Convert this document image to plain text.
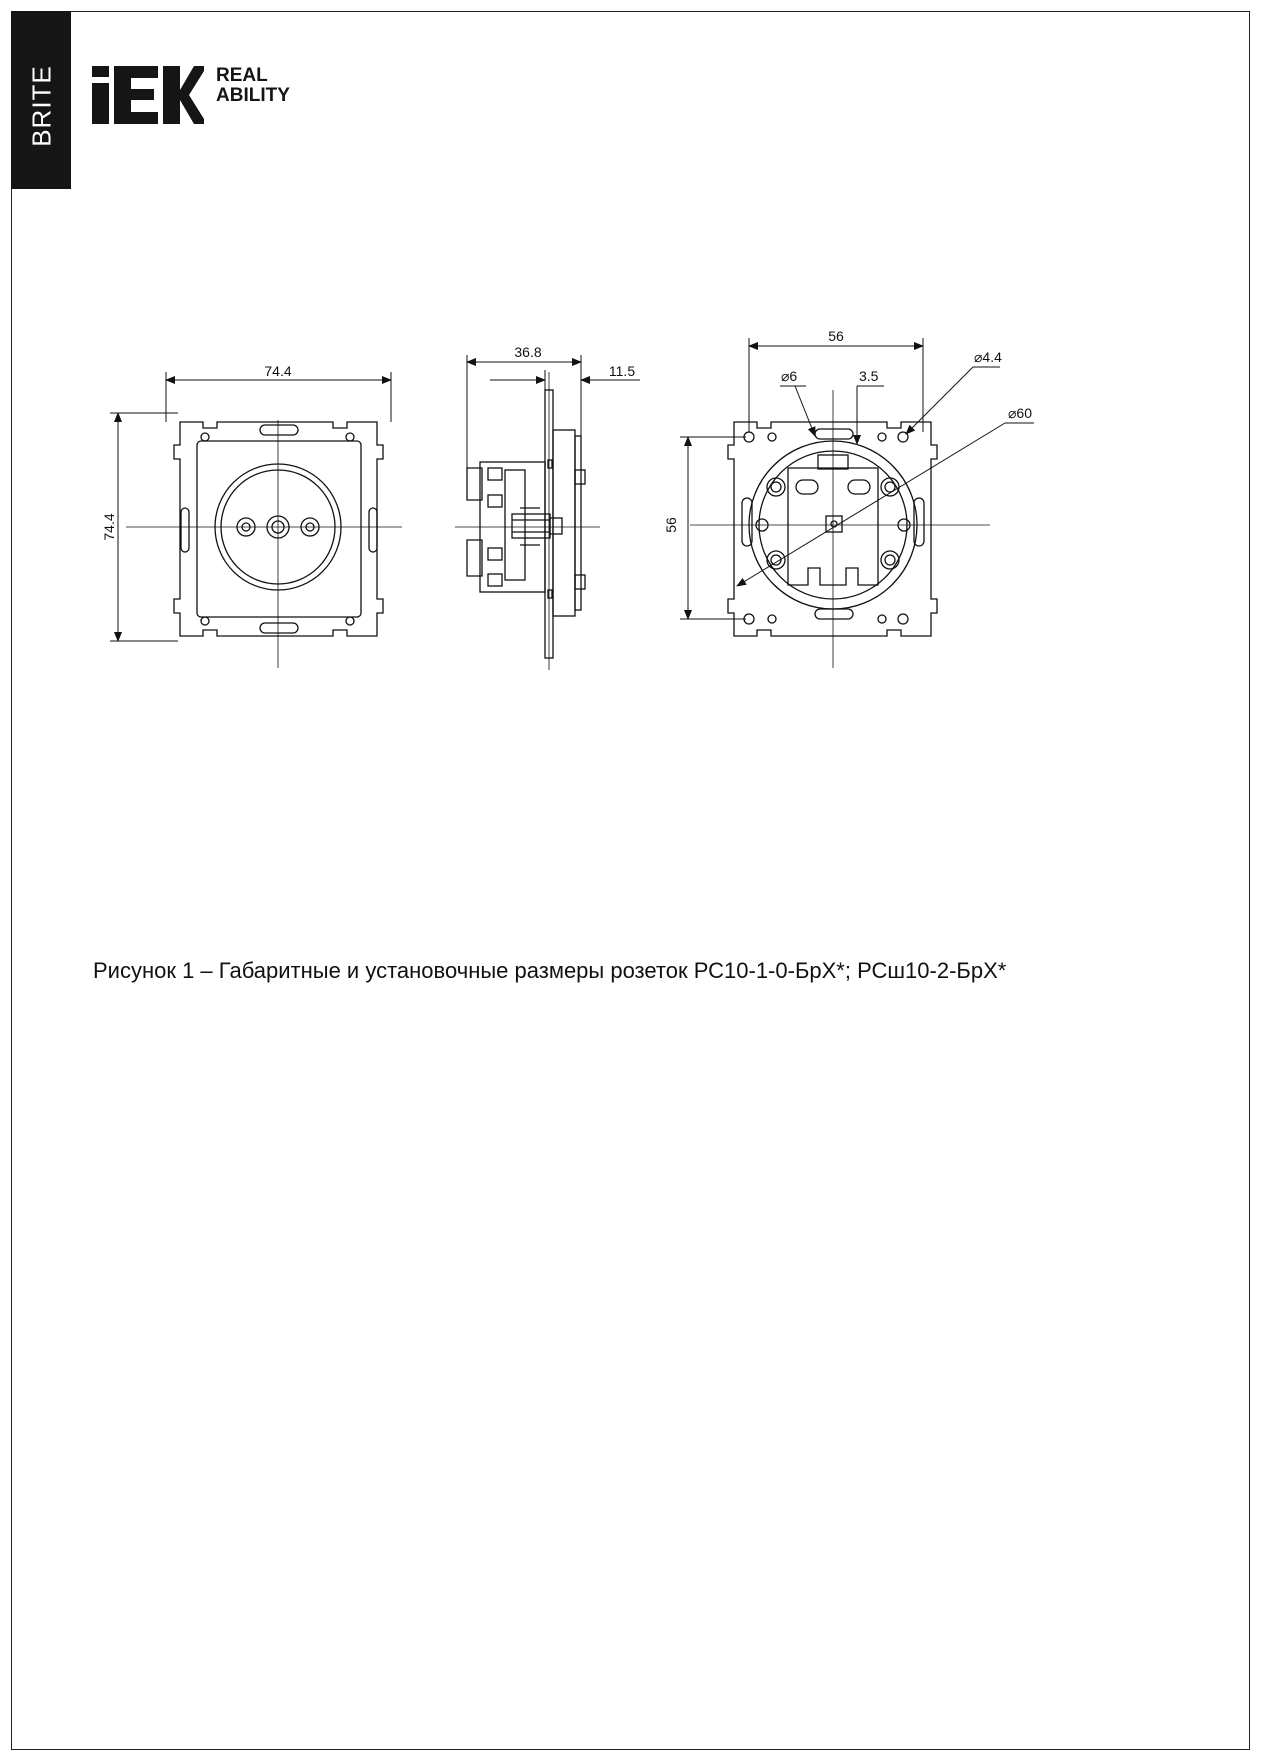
BRITE	REAL
ABILITY
74.4
74.4
36.8
11.5
56
56
⌀6	3.5
⌀4.4
⌀60
Рисунок 1 – Габаритные и установочные размеры розеток РС10-1-0-БрХ*; РСш10-2-БрХ*
